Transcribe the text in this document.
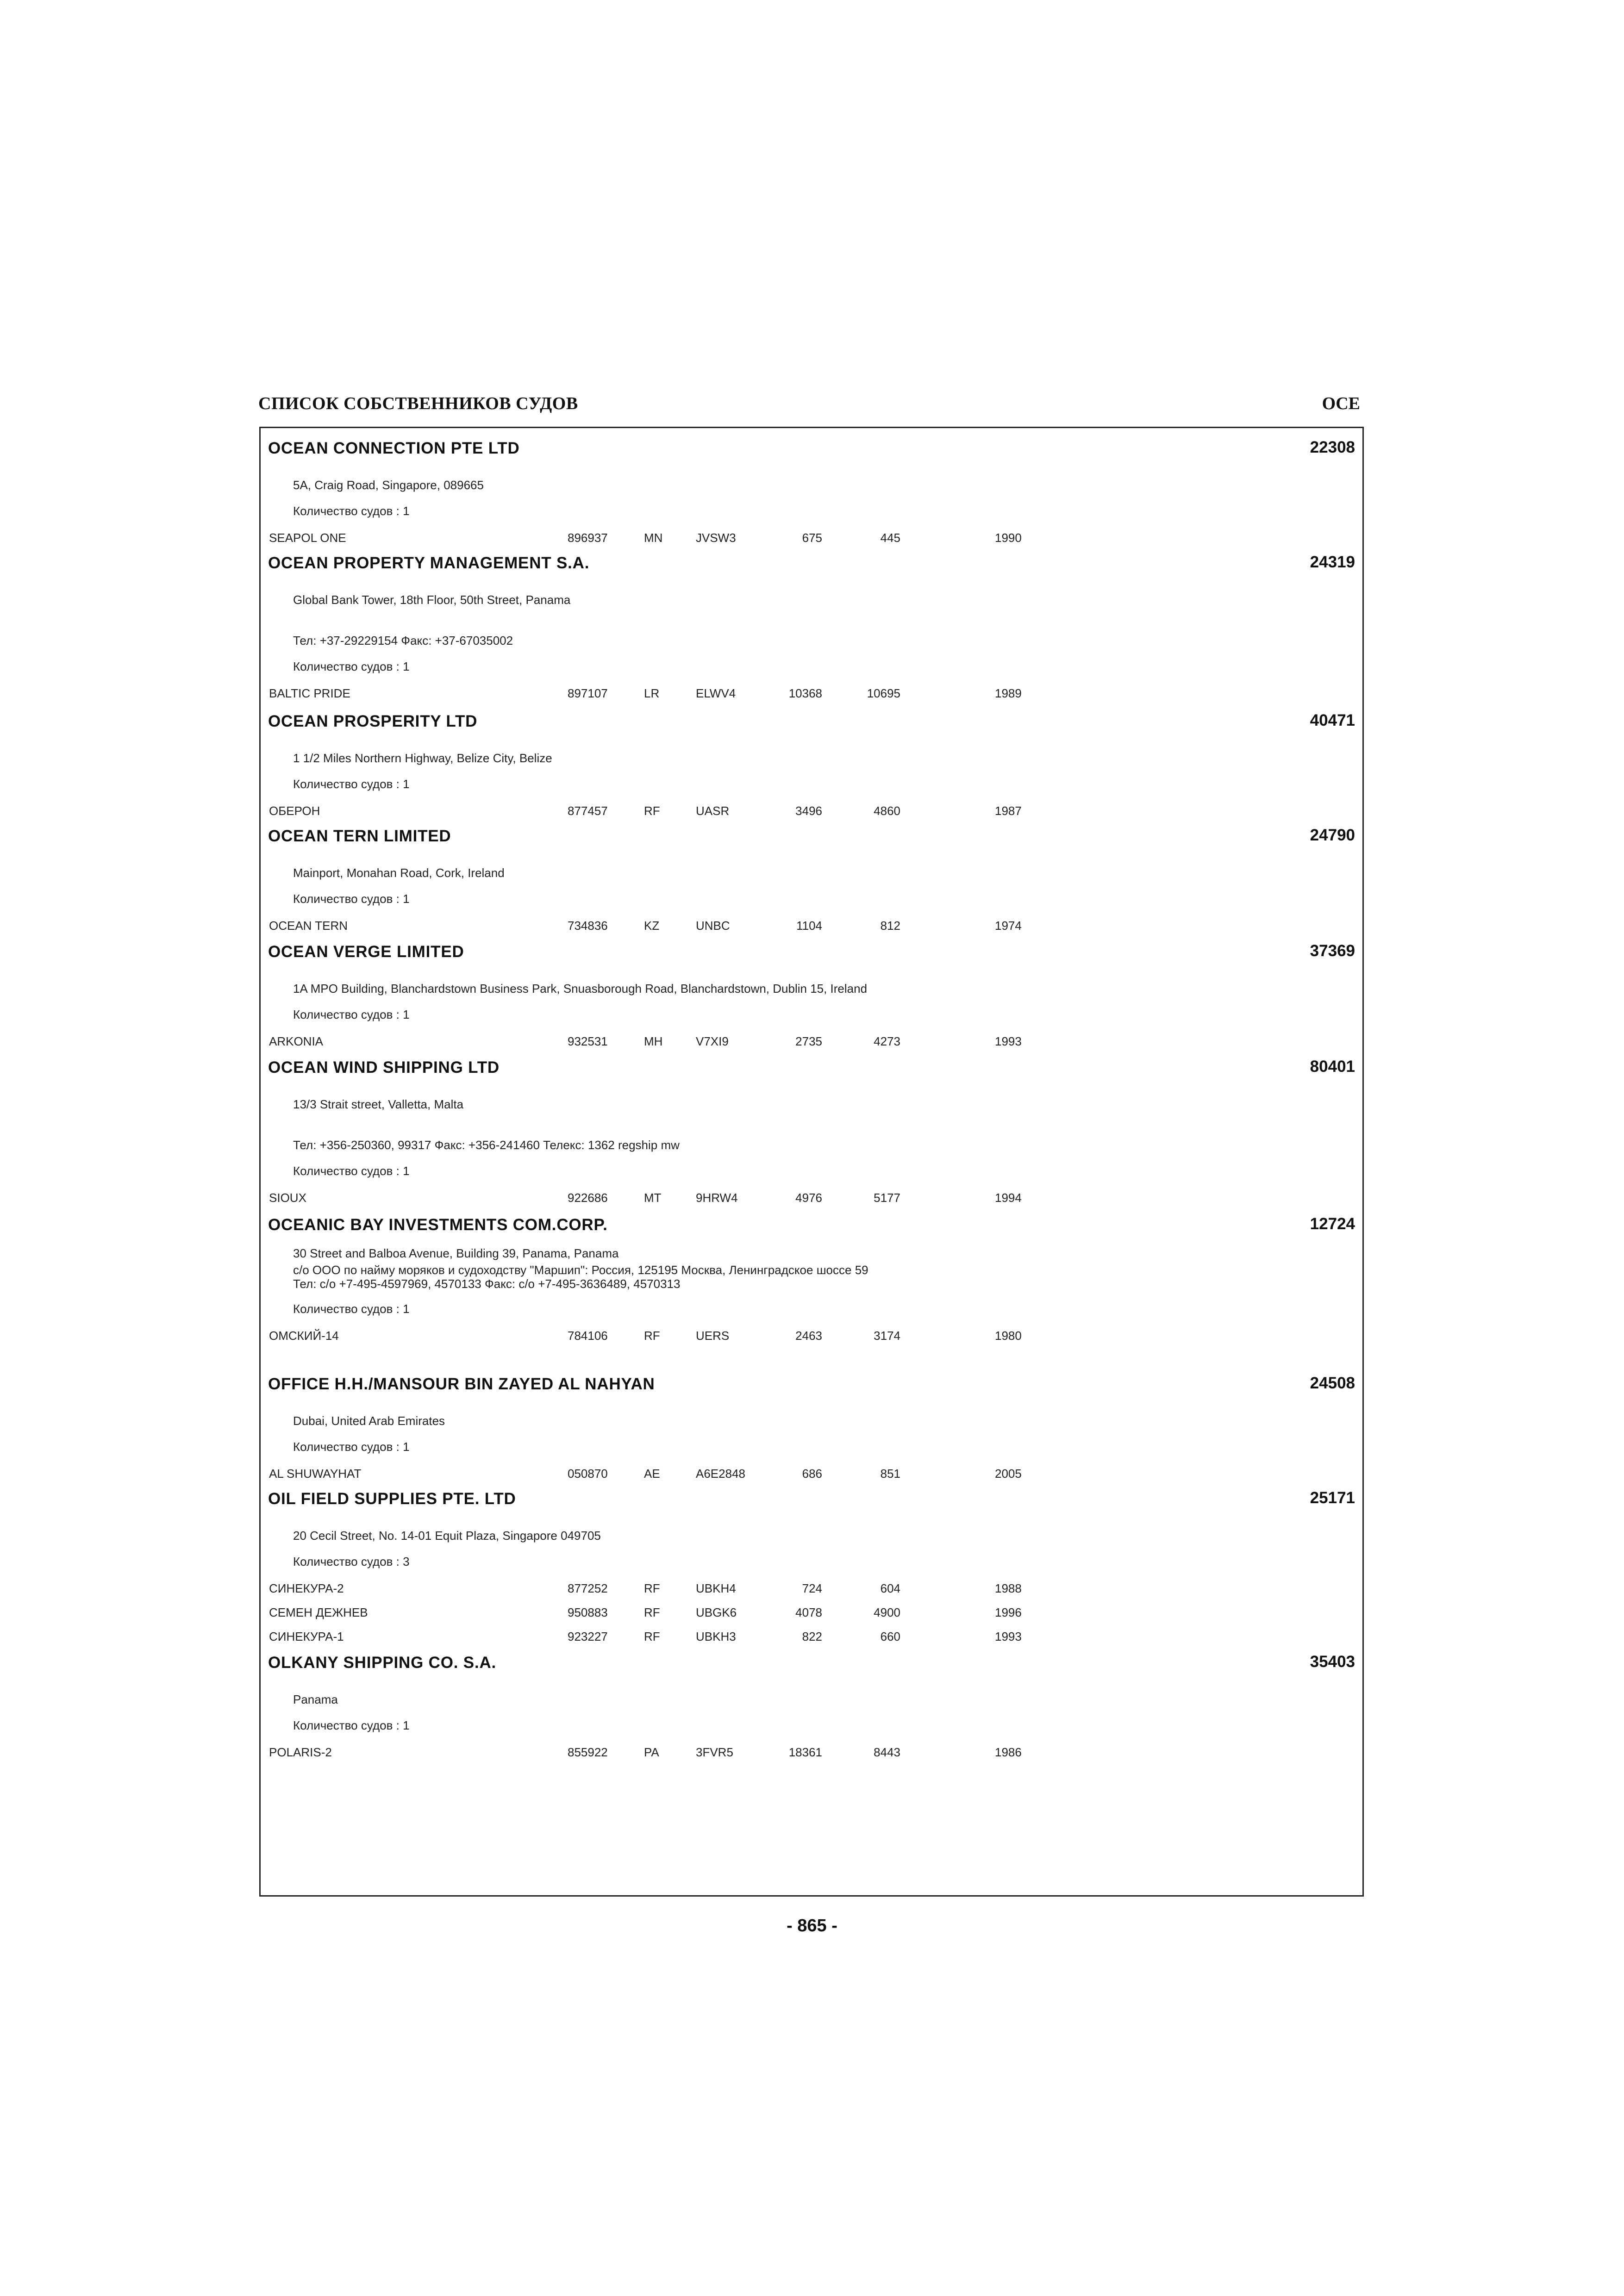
СПИСОК СОБСТВЕННИКОВ СУДОВ	OCE
OCEAN CONNECTION PTE LTD	22308
5A, Craig Road, Singapore, 089665
Количество судов : 1
SEAPOL ONE	896937	MN	JVSW3	675	445	1990
OCEAN PROPERTY MANAGEMENT S.A.	24319
Global Bank Tower, 18th Floor, 50th Street, Panama
Тел: +37-29229154 Факс: +37-67035002
Количество судов : 1
BALTIC PRIDE	897107	LR	ELWV4	10368	10695	1989
OCEAN PROSPERITY LTD	40471
1 1/2 Miles Northern Highway, Belize City, Belize
Количество судов : 1
ОБЕРОН	877457	RF	UASR	3496	4860	1987
OCEAN TERN LIMITED	24790
Mainport, Monahan Road, Cork, Ireland
Количество судов : 1
OCEAN TERN	734836	KZ	UNBC	1104	812	1974
OCEAN VERGE LIMITED	37369
1A MPO Building, Blanchardstown Business Park, Snuasborough Road, Blanchardstown, Dublin 15, Ireland
Количество судов : 1
ARKONIA	932531	MH	V7XI9	2735	4273	1993
OCEAN WIND SHIPPING LTD	80401
13/3 Strait street, Valletta, Malta
Тел: +356-250360, 99317 Факс: +356-241460 Телекс: 1362 regship mw
Количество судов : 1
SIOUX	922686	MT	9HRW4	4976	5177	1994
OCEANIC BAY INVESTMENTS COM.CORP.	12724
30 Street and Balboa Avenue, Building 39, Panama, Panama
c/o ООО по найму моряков и судоходству "Маршип": Россия, 125195 Москва, Ленинградское шоссе 59
Тел: c/o +7-495-4597969, 4570133 Факс: c/o +7-495-3636489, 4570313
Количество судов : 1
ОМСКИЙ-14	784106	RF	UERS	2463	3174	1980
OFFICE H.H./MANSOUR BIN ZAYED AL NAHYAN	24508
Dubai, United Arab Emirates
Количество судов : 1
AL SHUWAYHAT	050870	AE	A6E2848	686	851	2005
OIL FIELD SUPPLIES PTE. LTD	25171
20 Cecil Street, No. 14-01 Equit Plaza, Singapore 049705
Количество судов : 3
СИНЕКУРА-2	877252	RF	UBKH4	724	604	1988
СЕМЕН ДЕЖНЕВ	950883	RF	UBGK6	4078	4900	1996
СИНЕКУРА-1	923227	RF	UBKH3	822	660	1993
OLKANY SHIPPING CO. S.A.	35403
Panama
Количество судов : 1
POLARIS-2	855922	PA	3FVR5	18361	8443	1986
- 865 -
